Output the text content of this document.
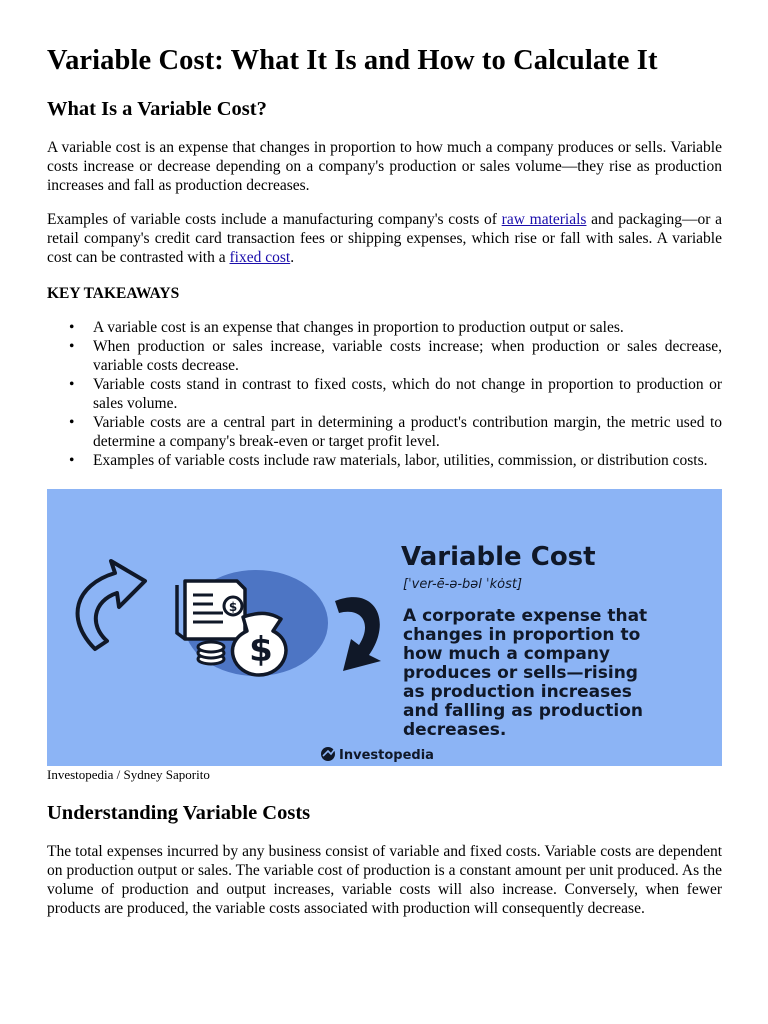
Variable Cost: What It Is and How to Calculate It
What Is a Variable Cost?

A variable cost is an expense that changes in proportion to how much a company produces or sells. Variable costs increase or decrease depending on a company's production or sales volume—they rise as production increases and fall as production decreases.

Examples of variable costs include a manufacturing company's costs of raw materials and packaging—or a retail company's credit card transaction fees or shipping expenses, which rise or fall with sales. A variable cost can be contrasted with a fixed cost.

KEY TAKEAWAYS
• A variable cost is an expense that changes in proportion to production output or sales.
• When production or sales increase, variable costs increase; when production or sales decrease, variable costs decrease.
• Variable costs stand in contrast to fixed costs, which do not change in proportion to production or sales volume.
• Variable costs are a central part in determining a product's contribution margin, the metric used to determine a company's break-even or target profit level.
• Examples of variable costs include raw materials, labor, utilities, commission, or distribution costs.
$
$
Variable Cost
[ˈver-ē-ə-bəl ˈkȯst]
A corporate expense that
changes in proportion to
how much a company
produces or sells—rising
as production increases
and falling as production
decreases.
Investopedia
Investopedia / Sydney Saporito
Understanding Variable Costs

The total expenses incurred by any business consist of variable and fixed costs. Variable costs are dependent on production output or sales. The variable cost of production is a constant amount per unit produced. As the volume of production and output increases, variable costs will also increase. Conversely, when fewer products are produced, the variable costs associated with production will consequently decrease.
